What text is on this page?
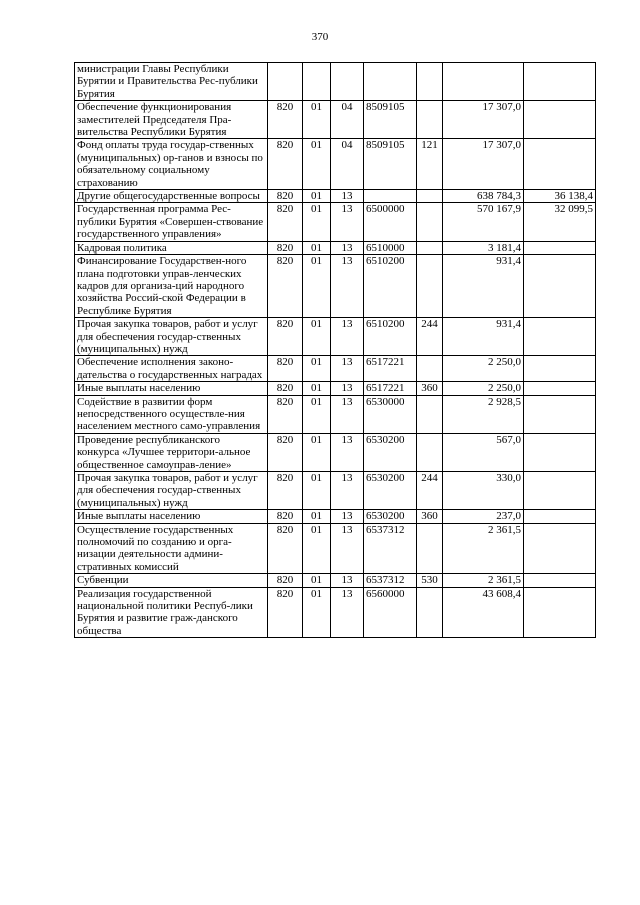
370
министрации Главы Республики Бурятии и Правительства Рес-публики Бурятия							
Обеспечение функционирования заместителей Председателя Пра-вительства Республики Бурятия	820	01	04	8509105		17 307,0	
Фонд оплаты труда государ-ственных (муниципальных) ор-ганов и взносы по обязательному социальному страхованию	820	01	04	8509105	121	17 307,0	
Другие общегосударственные вопросы	820	01	13			638 784,3	36 138,4
Государственная программа Рес-публики Бурятия «Совершен-ствование государственного управления»	820	01	13	6500000		570 167,9	32 099,5
Кадровая политика	820	01	13	6510000		3 181,4	
Финансирование Государствен-ного плана подготовки управ-ленческих кадров для организа-ций народного хозяйства Россий-ской Федерации в Республике Бурятия	820	01	13	6510200		931,4	
Прочая закупка товаров, работ и услуг для обеспечения государ-ственных (муниципальных) нужд	820	01	13	6510200	244	931,4	
Обеспечение исполнения законо-дательства о государственных наградах	820	01	13	6517221		2 250,0	
Иные выплаты населению	820	01	13	6517221	360	2 250,0	
Содействие в развитии форм непосредственного осуществле-ния населением местного само-управления	820	01	13	6530000		2 928,5	
Проведение республиканского конкурса «Лучшее территори-альное общественное самоуправ-ление»	820	01	13	6530200		567,0	
Прочая закупка товаров, работ и услуг для обеспечения государ-ственных (муниципальных) нужд	820	01	13	6530200	244	330,0	
Иные выплаты населению	820	01	13	6530200	360	237,0	
Осуществление государственных полномочий по созданию и орга-низации деятельности админи-стративных комиссий	820	01	13	6537312		2 361,5	
Субвенции	820	01	13	6537312	530	2 361,5	
Реализация государственной национальной политики Респуб-лики Бурятия и развитие граж-данского общества	820	01	13	6560000		43 608,4	
